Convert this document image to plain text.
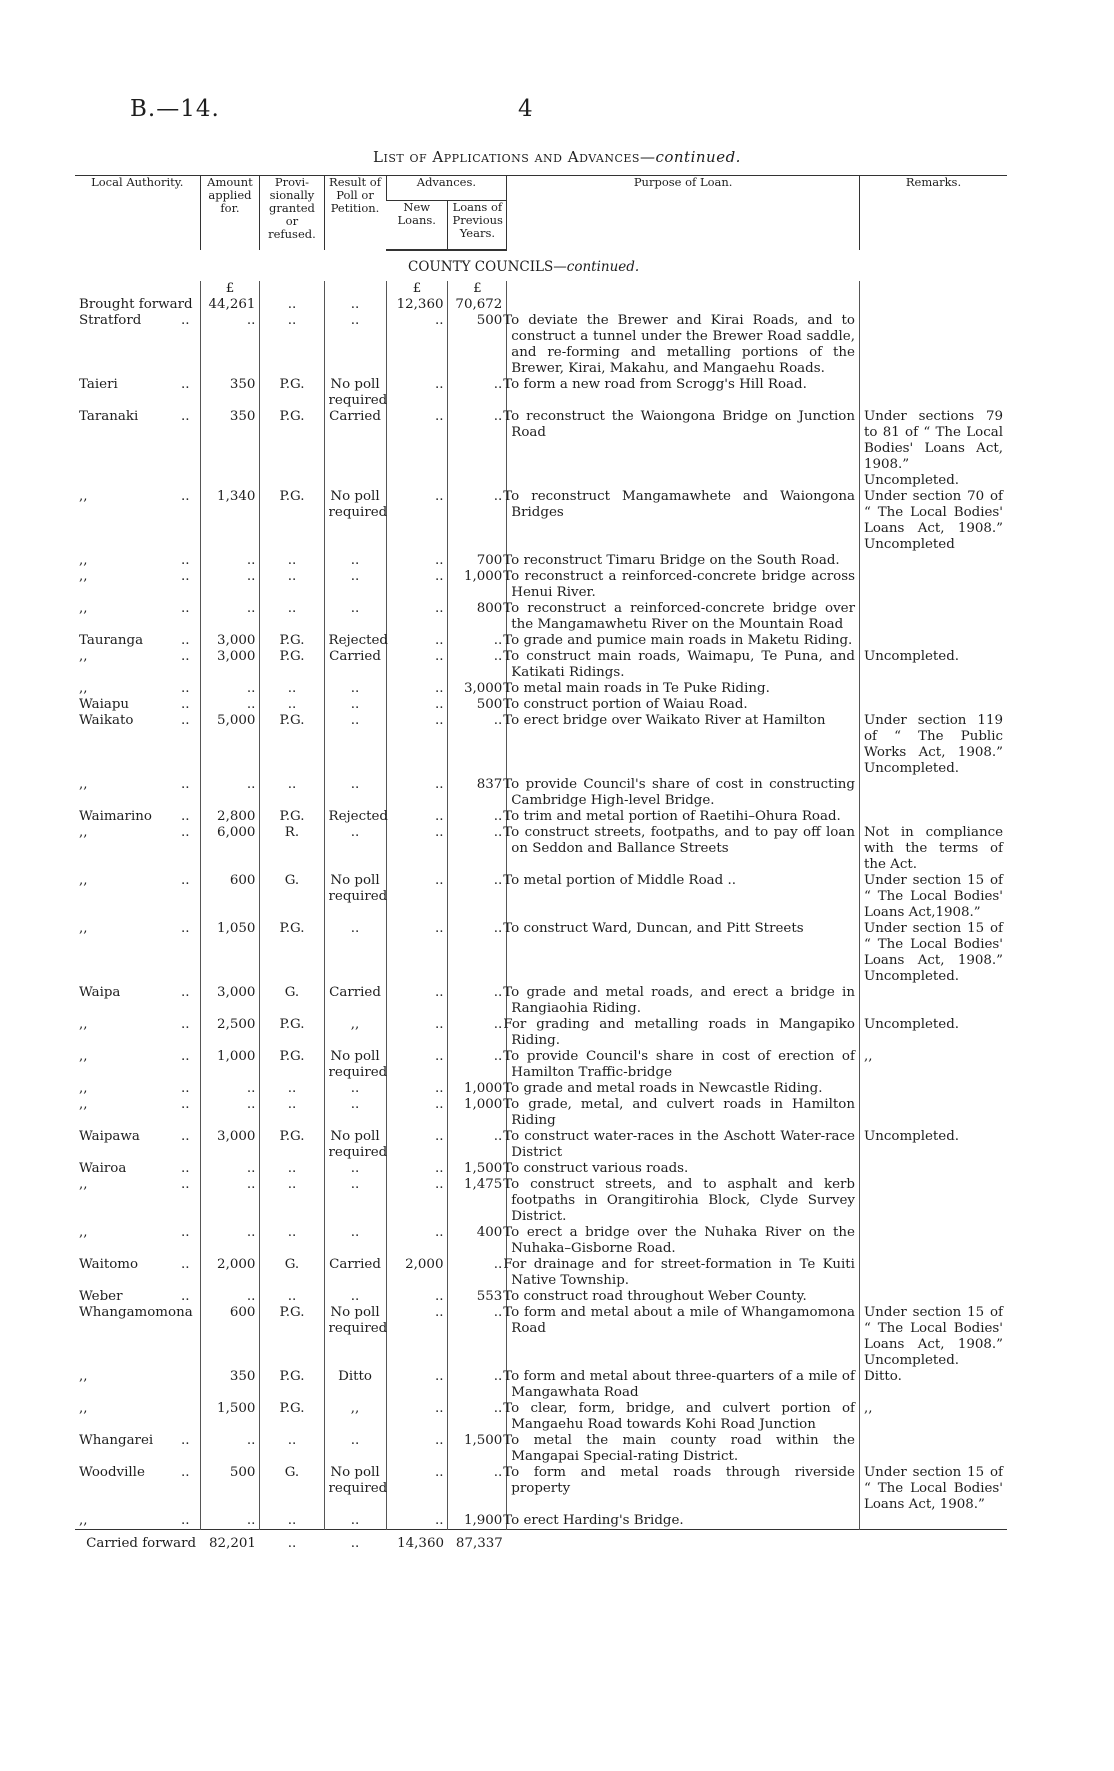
B.—14.	4
List of Applications and Advances—continued.
Local Authority.	Amount applied for.	Provi-sionally granted or refused.	Result of Poll or Petition.	Advances.		Purpose of Loan.	Remarks.
				New Loans.	Loans of Previous Years.		
				COUNTY COUNCILS—continued.			
	£			£	£		
Brought forward	44,261	..	..	12,360	70,672		
Stratford ..	..	..	..	..	500	To deviate the Brewer and Kirai Roads, and to construct a tunnel under the Brewer Road saddle, and re-forming and metalling portions of the Brewer, Kirai, Makahu, and Mangaehu Roads.	
Taieri ..	350	P.G.	No poll required	..	..	To form a new road from Scrogg's Hill Road.	
Taranaki ..	350	P.G.	Carried	..	..	To reconstruct the Waiongona Bridge on Junction Road	Under sections 79 to 81 of “ The Local Bodies' Loans Act, 1908.” Uncompleted.
,, ..	1,340	P.G.	No poll required	..	..	To reconstruct Mangamawhete and Waiongona Bridges	Under section 70 of “ The Local Bodies' Loans Act, 1908.” Uncompleted
,, ..	..	..	..	..	700	To reconstruct Timaru Bridge on the South Road.	
,, ..	..	..	..	..	1,000	To reconstruct a reinforced-concrete bridge across Henui River.	
,, ..	..	..	..	..	800	To reconstruct a reinforced-concrete bridge over the Mangamawhetu River on the Mountain Road	
Tauranga ..	3,000	P.G.	Rejected	..	..	To grade and pumice main roads in Maketu Riding.	
,, ..	3,000	P.G.	Carried	..	..	To construct main roads, Waimapu, Te Puna, and Katikati Ridings.	Uncompleted.
,, ..	..	..	..	..	3,000	To metal main roads in Te Puke Riding.	
Waiapu ..	..	..	..	..	500	To construct portion of Waiau Road.	
Waikato ..	5,000	P.G.	..	..	..	To erect bridge over Waikato River at Hamilton	Under section 119 of “ The Public Works Act, 1908.” Uncompleted.
,, ..	..	..	..	..	837	To provide Council's share of cost in constructing Cambridge High-level Bridge.	
Waimarino ..	2,800	P.G.	Rejected	..	..	To trim and metal portion of Raetihi–Ohura Road.	
,, ..	6,000	R.	..	..	..	To construct streets, footpaths, and to pay off loan on Seddon and Ballance Streets	Not in compliance with the terms of the Act.
,, ..	600	G.	No poll required	..	..	To metal portion of Middle Road ..	Under section 15 of “ The Local Bodies' Loans Act,1908.”
,, ..	1,050	P.G.	..	..	..	To construct Ward, Duncan, and Pitt Streets	Under section 15 of “ The Local Bodies' Loans Act, 1908.” Uncompleted.
Waipa ..	3,000	G.	Carried	..	..	To grade and metal roads, and erect a bridge in Rangiaohia Riding.	
,, ..	2,500	P.G.	,,	..	..	For grading and metalling roads in Mangapiko Riding.	Uncompleted.
,, ..	1,000	P.G.	No poll required	..	..	To provide Council's share in cost of erection of Hamilton Traffic-bridge	,,
,, ..	..	..	..	..	1,000	To grade and metal roads in Newcastle Riding.	
,, ..	..	..	..	..	1,000	To grade, metal, and culvert roads in Hamilton Riding	
Waipawa ..	3,000	P.G.	No poll required	..	..	To construct water-races in the Aschott Water-race District	Uncompleted.
Wairoa ..	..	..	..	..	1,500	To construct various roads.	
,, ..	..	..	..	..	1,475	To construct streets, and to asphalt and kerb footpaths in Orangitirohia Block, Clyde Survey District.	
,, ..	..	..	..	..	400	To erect a bridge over the Nuhaka River on the Nuhaka–Gisborne Road.	
Waitomo ..	2,000	G.	Carried	2,000	..	For drainage and for street-formation in Te Kuiti Native Township.	
Weber ..	..	..	..	..	553	To construct road throughout Weber County.	
Whangamomona	600	P.G.	No poll required	..	..	To form and metal about a mile of Whangamomona Road	Under section 15 of “ The Local Bodies' Loans Act, 1908.” Uncompleted.
,,	350	P.G.	Ditto	..	..	To form and metal about three-quarters of a mile of Mangawhata Road	Ditto.
,,	1,500	P.G.	,,	..	..	To clear, form, bridge, and culvert portion of Mangaehu Road towards Kohi Road Junction	,,
Whangarei ..	..	..	..	..	1,500	To metal the main county road within the Mangapai Special-rating District.	
Woodville ..	500	G.	No poll required	..	..	To form and metal roads through riverside property	Under section 15 of “ The Local Bodies' Loans Act, 1908.”
,, ..	..	..	..	..	1,900	To erect Harding's Bridge.	
Carried forward	82,201	..	..	14,360	87,337		
